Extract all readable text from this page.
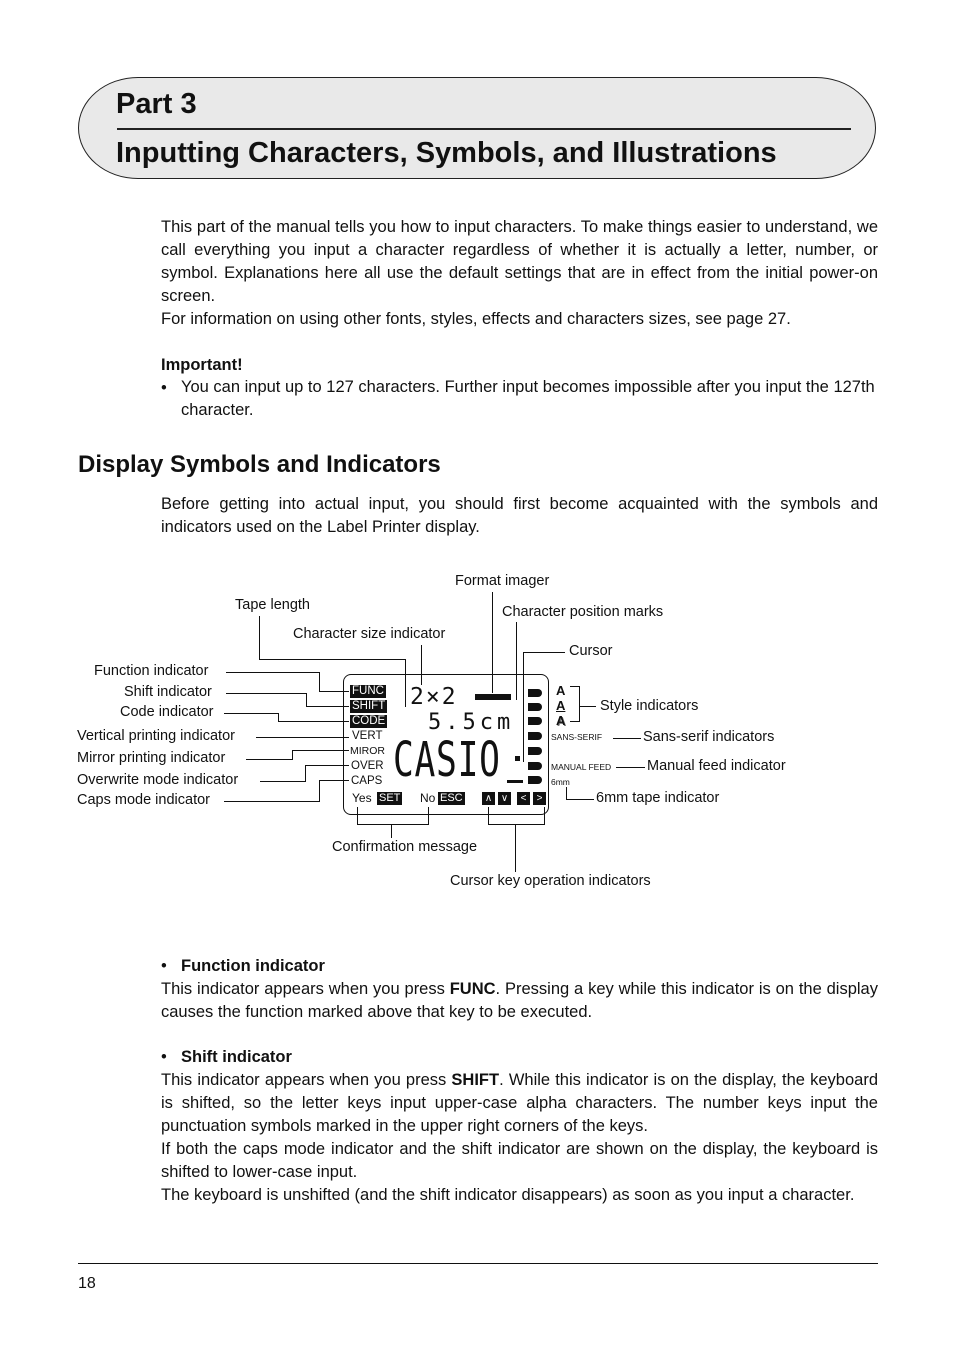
Part 3
Inputting Characters, Symbols, and Illustrations
This part of the manual tells you how to input characters. To make things easier to understand, we call everything you input a character regardless of whether it is actually a letter, number, or symbol. Explanations here all use the default settings that are in effect from the initial power-on screen.
For information on using other fonts, styles, effects and characters sizes, see page 27.
Important!
• You can input up to 127 characters. Further input becomes impossible after you input the 127th character.
Display Symbols and Indicators
Before getting into actual input, you should first become acquainted with the symbols and indicators used on the Label Printer display.
Format imager
Tape length	Character position marks
Character size indicator
Cursor
Function indicator
Shift indicator
Code indicator
Vertical printing indicator
Mirror printing indicator
Overwrite mode indicator
Caps mode indicator
Style indicators
Sans-serif indicators
Manual feed indicator
6mm tape indicator
Confirmation message
Cursor key operation indicators
FUNC
SHIFT
CODE
VERT
MIROR
OVER
CAPS
2×2
5.5cm
CASIO
A
A
A
SANS-SERIF
MANUAL FEED
6mm
Yes SET No ESC ∧ ∨	<	>
• Function indicator
This indicator appears when you press FUNC. Pressing a key while this indicator is on the display causes the function marked above that key to be executed.
• Shift indicator
This indicator appears when you press SHIFT. While this indicator is on the display, the keyboard is shifted, so the letter keys input upper-case alpha characters. The number keys input the punctuation symbols marked in the upper right corners of the keys.
If both the caps mode indicator and the shift indicator are shown on the display, the keyboard is shifted to lower-case input.
The keyboard is unshifted (and the shift indicator disappears) as soon as you input a character.
18
